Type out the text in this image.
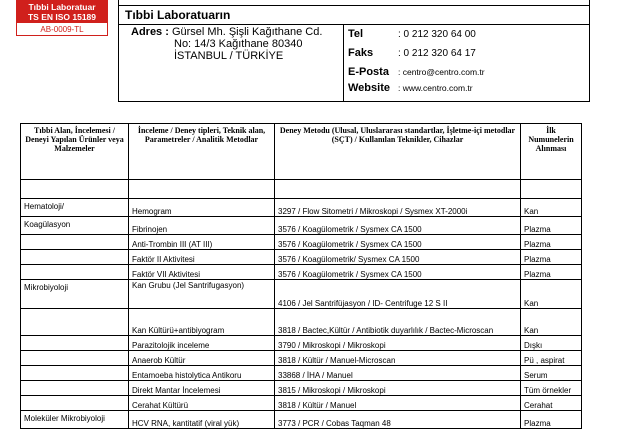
Tıbbi Laboratuar
TS EN ISO 15189
AB-0009-TL
Tıbbi Laboratuarın
Adres : Gürsel Mh. Şişli Kağıthane Cd.
No: 14/3 Kağıthane 80340
İSTANBUL / TÜRKİYE
Tel	: 0 212 320 64 00
Faks : 0 212 320 64 17
E-Posta : centro@centro.com.tr
Website : www.centro.com.tr
Tıbbi Alan, İncelemesi / Deneyi Yapılan Ürünler veya Malzemeler	İnceleme / Deney tipleri, Teknik alan, Parametreler / Analitik Metodlar	Deney Metodu (Ulusal, Uluslararası standartlar, İşletme-içi metodlar (SÇT) / Kullanılan Teknikler, Cihazlar	İlk Numunelerin Alınması

Hematoloji/	Hemogram	3297 / Flow Sitometri / Mikroskopi / Sysmex XT-2000i	Kan
Koagülasyon	Fibrinojen	3576 / Koagülometrik / Sysmex CA 1500	Plazma
	Anti-Trombin III (AT III)	3576 / Koagülometrik / Sysmex CA 1500	Plazma
	Faktör II Aktivitesi	3576 / Koagülometrik/ Sysmex CA 1500	Plazma
	Faktör VII Aktivitesi	3576 / Koagülometrik / Sysmex CA 1500	Plazma
Mikrobiyoloji	Kan Grubu (Jel Santrifugasyon)	4106 / Jel Santrifüjasyon / ID- Centrifuge 12 S II	Kan
	Kan Kültürü+antibiyogram	3818 / Bactec,Kültür / Antibiotik duyarlılık / Bactec-Microscan	Kan
	Parazitolojik inceleme	3790 / Mikroskopi / Mikroskopi	Dışkı
	Anaerob Kültür	3818 / Kültür / Manuel-Microscan	Pü , aspirat
	Entamoeba histolytica Antikoru	33868 / İHA / Manuel	Serum
	Direkt Mantar İncelemesi	3815 / Mikroskopi / Mikroskopi	Tüm örnekler
	Cerahat Kültürü	3818 / Kültür / Manuel	Cerahat
Moleküler Mikrobiyoloji	HCV RNA, kantitatif (viral yük)	3773 / PCR / Cobas Taqman 48	Plazma
